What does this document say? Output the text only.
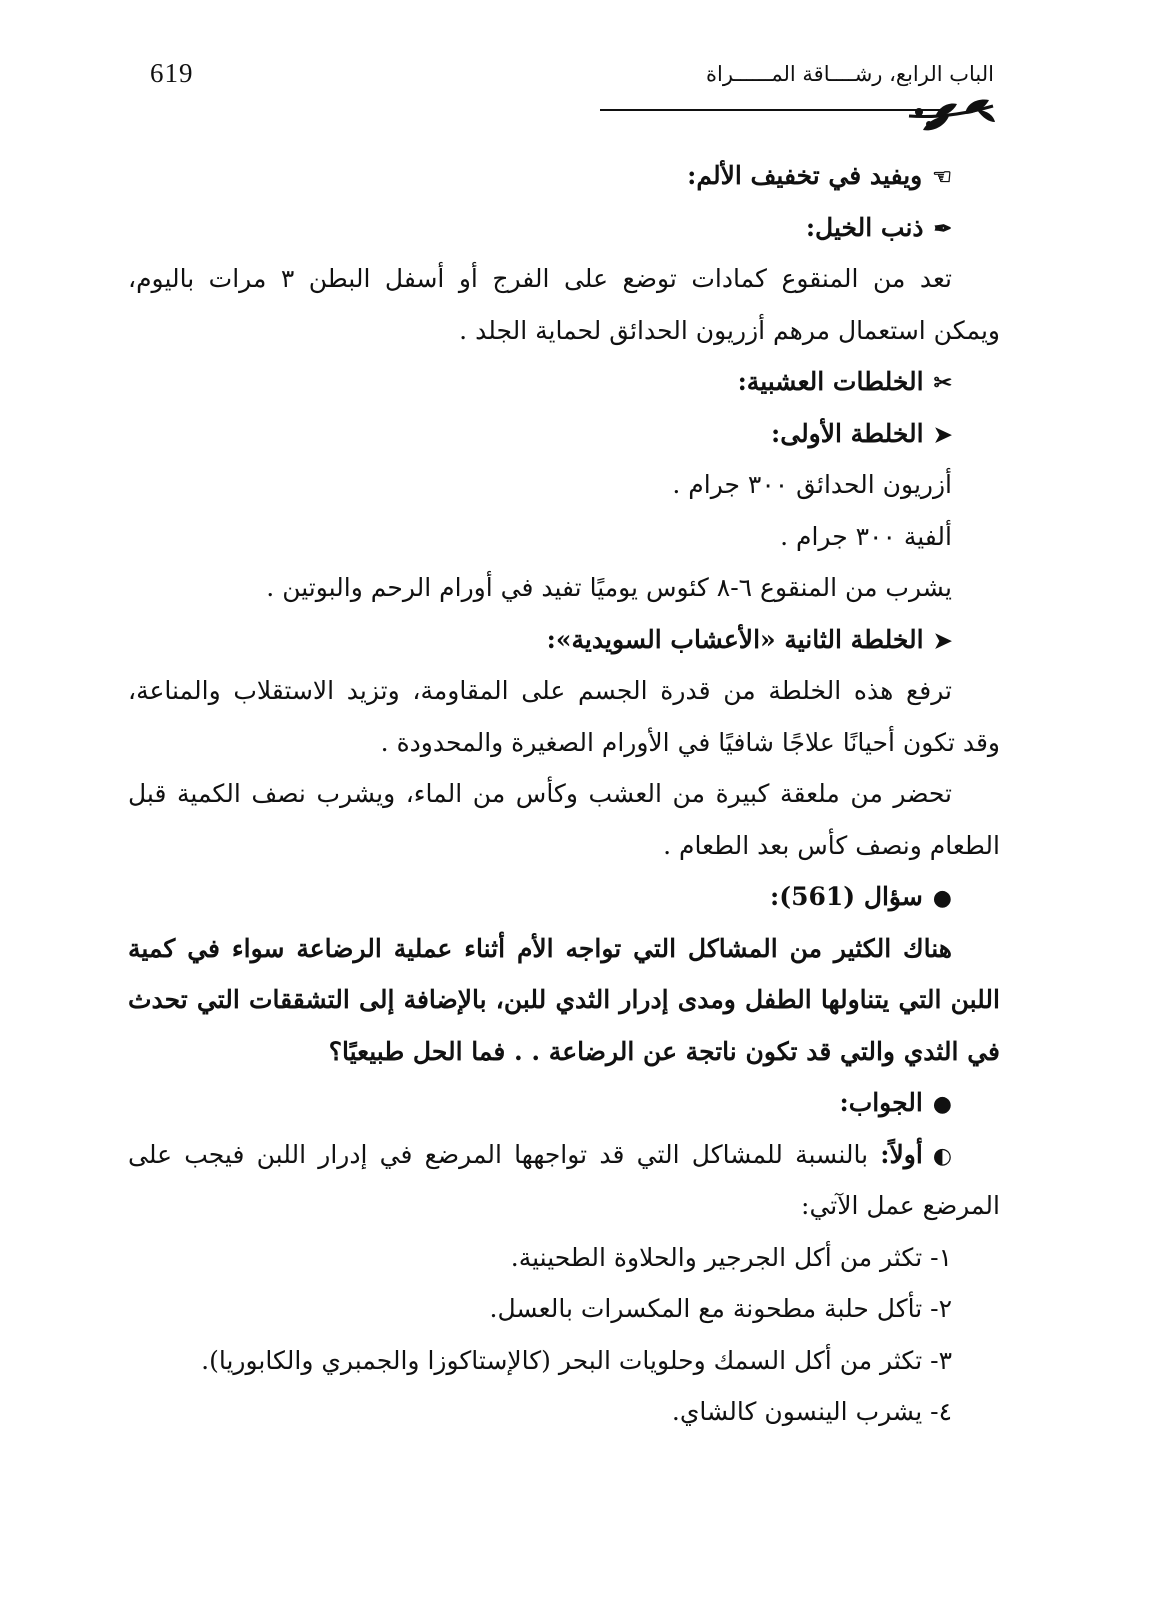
619	الباب الرابع، رشــــاقة المــــــراة
☜ويفيد في تخفيف الألم:
✒ذنب الخيل:
تعد من المنقوع كمادات توضع على الفرج أو أسفل البطن ٣ مرات باليوم،
ويمكن استعمال مرهم أزريون الحدائق لحماية الجلد .
✂الخلطات العشبية:
➤الخلطة الأولى:
أزريون الحدائق ٣٠٠ جرام .
ألفية ٣٠٠ جرام .
يشرب من المنقوع ٦-٨ كئوس يوميًا تفيد في أورام الرحم والبوتين .
➤الخلطة الثانية «الأعشاب السويدية»:
ترفع هذه الخلطة من قدرة الجسم على المقاومة، وتزيد الاستقلاب والمناعة،
وقد تكون أحيانًا علاجًا شافيًا في الأورام الصغيرة والمحدودة .
تحضر من ملعقة كبيرة من العشب وكأس من الماء، ويشرب نصف الكمية قبل
الطعام ونصف كأس بعد الطعام .
●سؤال (561):
هناك الكثير من المشاكل التي تواجه الأم أثناء عملية الرضاعة سواء في كمية
اللبن التي يتناولها الطفل ومدى إدرار الثدي للبن، بالإضافة إلى التشققات التي تحدث
في الثدي والتي قد تكون ناتجة عن الرضاعة . . فما الحل طبيعيًا؟
●الجواب:
◐أولاً: بالنسبة للمشاكل التي قد تواجهها المرضع في إدرار اللبن فيجب على
المرضع عمل الآتي:
١- تكثر من أكل الجرجير والحلاوة الطحينية.
٢- تأكل حلبة مطحونة مع المكسرات بالعسل.
٣- تكثر من أكل السمك وحلويات البحر (كالإستاكوزا والجمبري والكابوريا).
٤- يشرب الينسون كالشاي.
